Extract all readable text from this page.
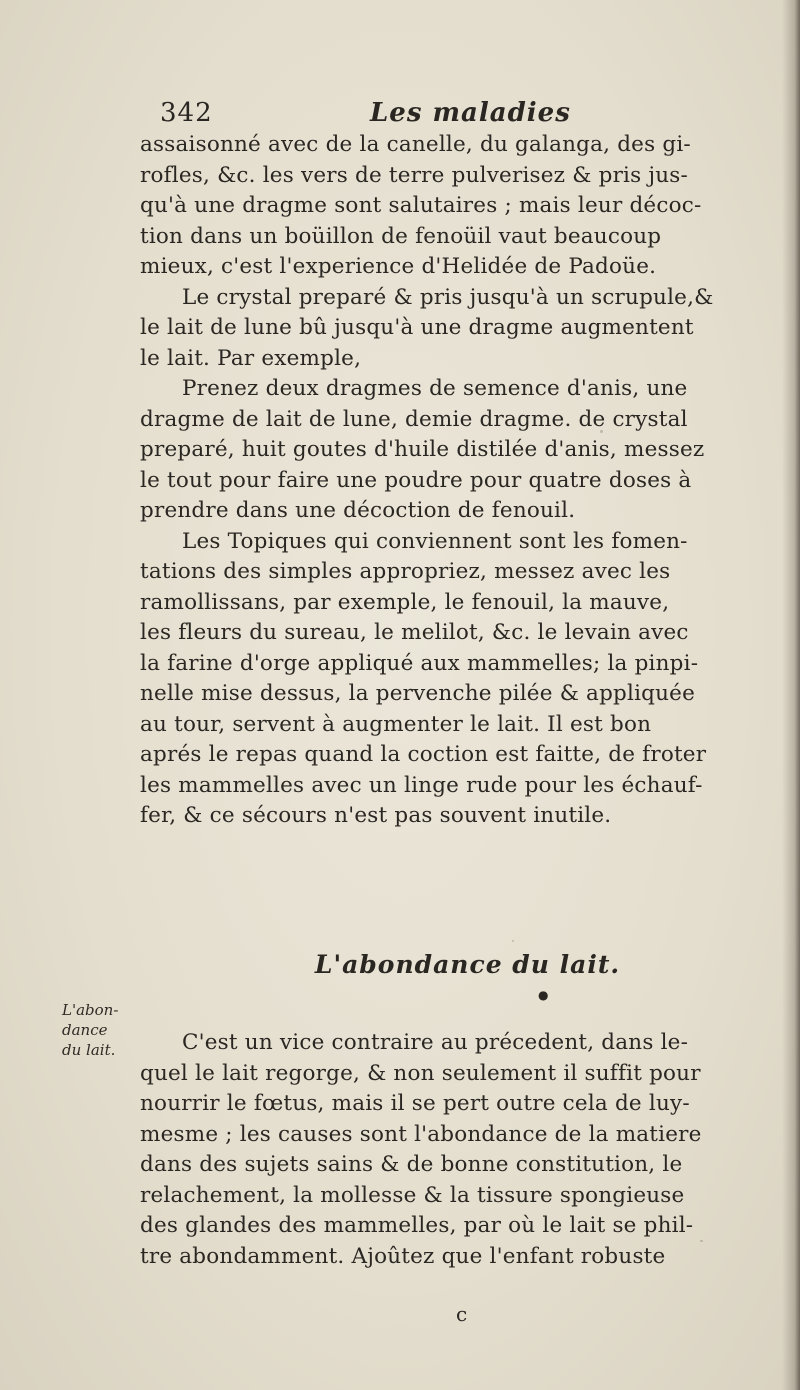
342	Les maladies
assaisonné avec de la canelle, du galanga, des gi-
rofles, &c. les vers de terre pulverisez & pris jus-
qu'à une dragme sont salutaires ; mais leur décoc-
tion dans un boüillon de fenoüil vaut beaucoup
mieux, c'est l'experience d'Helidée de Padoüe.
Le crystal preparé & pris jusqu'à un scrupule,&
le lait de lune bû jusqu'à une dragme augmentent
le lait. Par exemple,
Prenez deux dragmes de semence d'anis, une
dragme de lait de lune, demie dragme. de crystal
preparé, huit goutes d'huile distilée d'anis, messez
le tout pour faire une poudre pour quatre doses à
prendre dans une décoction de fenouil.
Les Topiques qui conviennent sont les fomen-
tations des simples appropriez, messez avec les
ramollissans, par exemple, le fenouil, la mauve,
les fleurs du sureau, le melilot, &c. le levain avec
la farine d'orge appliqué aux mammelles; la pinpi-
nelle mise dessus, la pervenche pilée & appliquée
au tour, servent à augmenter le lait. Il est bon
aprés le repas quand la coction est faitte, de froter
les mammelles avec un linge rude pour les échauf-
fer, & ce sécours n'est pas souvent inutile.
L'abondance du lait.
●
L'abon-
dance
du lait.	C'est un vice contraire au précedent, dans le-
quel le lait regorge, & non seulement il suffit pour
nourrir le fœtus, mais il se pert outre cela de luy-
mesme ; les causes sont l'abondance de la matiere
dans des sujets sains & de bonne constitution, le
relachement, la mollesse & la tissure spongieuse
des glandes des mammelles, par où le lait se phil-
tre abondamment. Ajoûtez que l'enfant robuste
c
